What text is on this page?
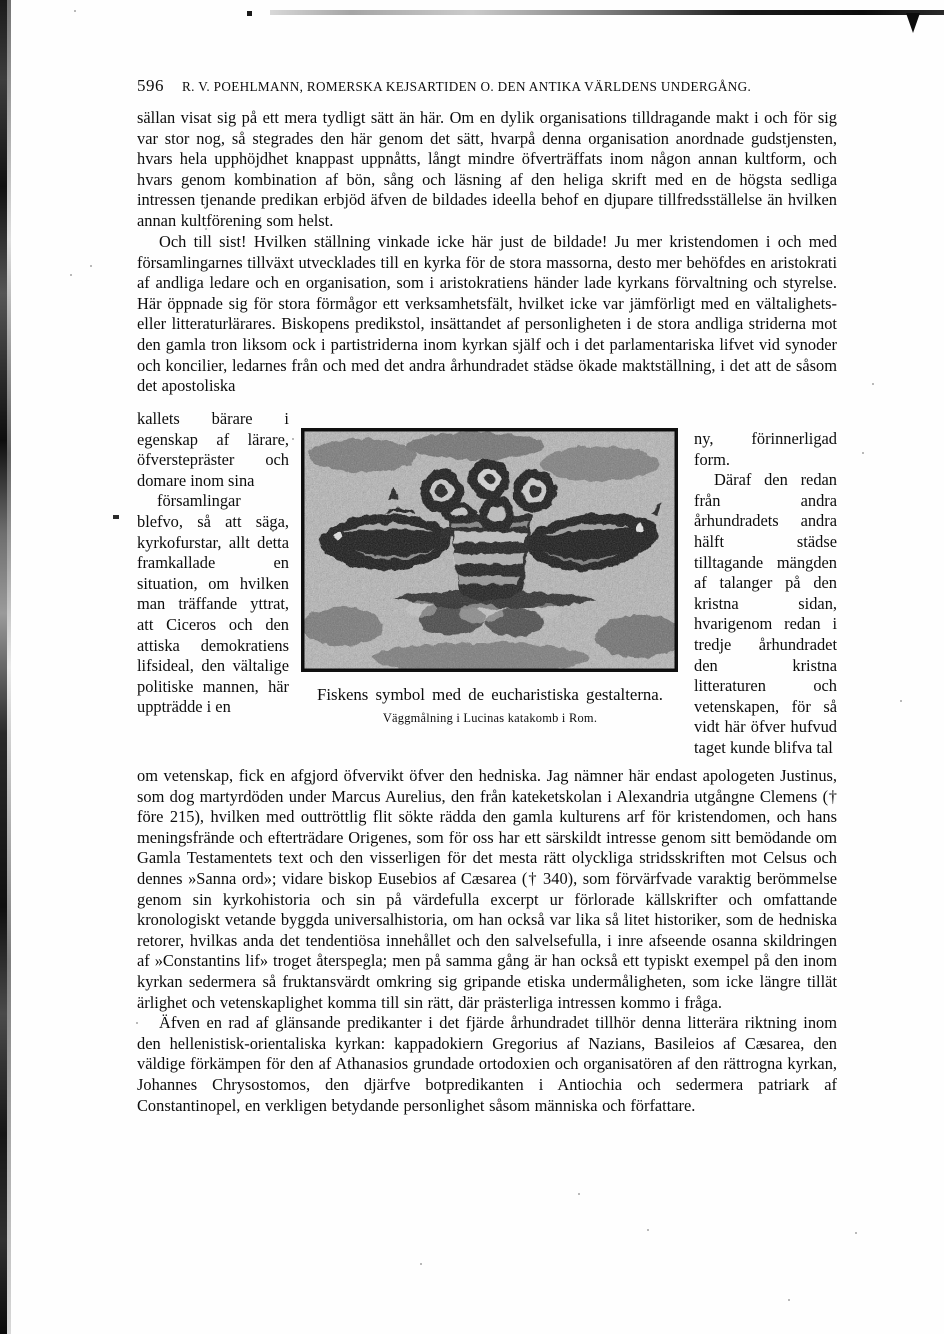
596 R. V. POEHLMANN, ROMERSKA KEJSARTIDEN O. DEN ANTIKA VÄRLDENS UNDERGÅNG.

sällan visat sig på ett mera tydligt sätt än här. Om en dylik organisations tilldragande makt i och för sig var stor nog, så stegrades den här genom det sätt, hvarpå denna organisation anordnade gudstjensten, hvars hela upphöjdhet knappast uppnåtts, långt mindre öfverträffats inom någon annan kultform, och hvars genom kombination af bön, sång och läsning af den heliga skrift med en de högsta sedliga intressen tjenande predikan erbjöd äfven de bildades ideella behof en djupare tillfredsställelse än hvilken annan kultförening som helst.

Och till sist! Hvilken ställning vinkade icke här just de bildade! Ju mer kristendomen i och med församlingarnes tillväxt utvecklades till en kyrka för de stora massorna, desto mer behöfdes en aristokrati af andliga ledare och en organisation, som i aristokratiens händer lade kyrkans förvaltning och styrelse. Här öppnade sig för stora förmågor ett verksamhetsfält, hvilket icke var jämförligt med en vältalighets- eller litteraturlärares. Biskopens predikstol, insättandet af personligheten i de stora andliga striderna mot den gamla tron liksom ock i partistriderna inom kyrkan själf och i det parlamentariska lifvet vid synoder och koncilier, ledarnes från och med det andra århundradet städse ökade maktställning, i det att de såsom det apostoliska

kallets bärare i egenskap af lärare, öfverstepräster och domare inom sina

församlingar blefvo, så att säga, kyrkofurstar, allt detta framkallade en situation, om hvilken man träffande yttrat, att Ciceros och den attiska demokratiens lifsideal, den vältalige politiske mannen, här uppträdde i en

ny, förinnerligad form.

Däraf den redan från andra århundradets andra hälft städse tilltagande mängden af talanger på den kristna sidan, hvarigenom redan i tredje århundradet den kristna litteraturen och vetenskapen, för så vidt här öfver hufvud taget kunde blifva tal

Fiskens symbol med de eucharistiska gestalterna.
Väggmålning i Lucinas katakomb i Rom.

om vetenskap, fick en afgjord öfvervikt öfver den hedniska. Jag nämner här endast apologeten Justinus, som dog martyrdöden under Marcus Aurelius, den från kateketskolan i Alexandria utgångne Clemens († före 215), hvilken med outtröttlig flit sökte rädda den gamla kulturens arf för kristendomen, och hans meningsfrände och efterträdare Origenes, som för oss har ett särskildt intresse genom sitt bemödande om Gamla Testamentets text och den visserligen för det mesta rätt olyckliga stridsskriften mot Celsus och dennes »Sanna ord»; vidare biskop Eusebios af Cæsarea († 340), som förvärfvade varaktig berömmelse genom sin kyrkohistoria och sin på värdefulla excerpt ur förlorade källskrifter och omfattande kronologiskt vetande byggda universalhistoria, om han också var lika så litet historiker, som de hedniska retorer, hvilkas anda det tendentiösa innehållet och den salvelsefulla, i inre afseende osanna skildringen af »Constantins lif» troget återspegla; men på samma gång är han också ett typiskt exempel på den inom kyrkan sedermera så fruktansvärdt omkring sig gripande etiska undermåligheten, som icke längre tillät ärlighet och vetenskaplighet komma till sin rätt, där prästerliga intressen kommo i fråga.

Äfven en rad af glänsande predikanter i det fjärde århundradet tillhör denna litterära riktning inom den hellenistisk-orientaliska kyrkan: kappadokiern Gregorius af Nazians, Basileios af Cæsarea, den väldige förkämpen för den af Athanasios grundade ortodoxien och organisatören af den rättrogna kyrkan, Johannes Chrysostomos, den djärfve botpredikanten i Antiochia och sedermera patriark af Constantinopel, en verkligen betydande personlighet såsom människa och författare.
